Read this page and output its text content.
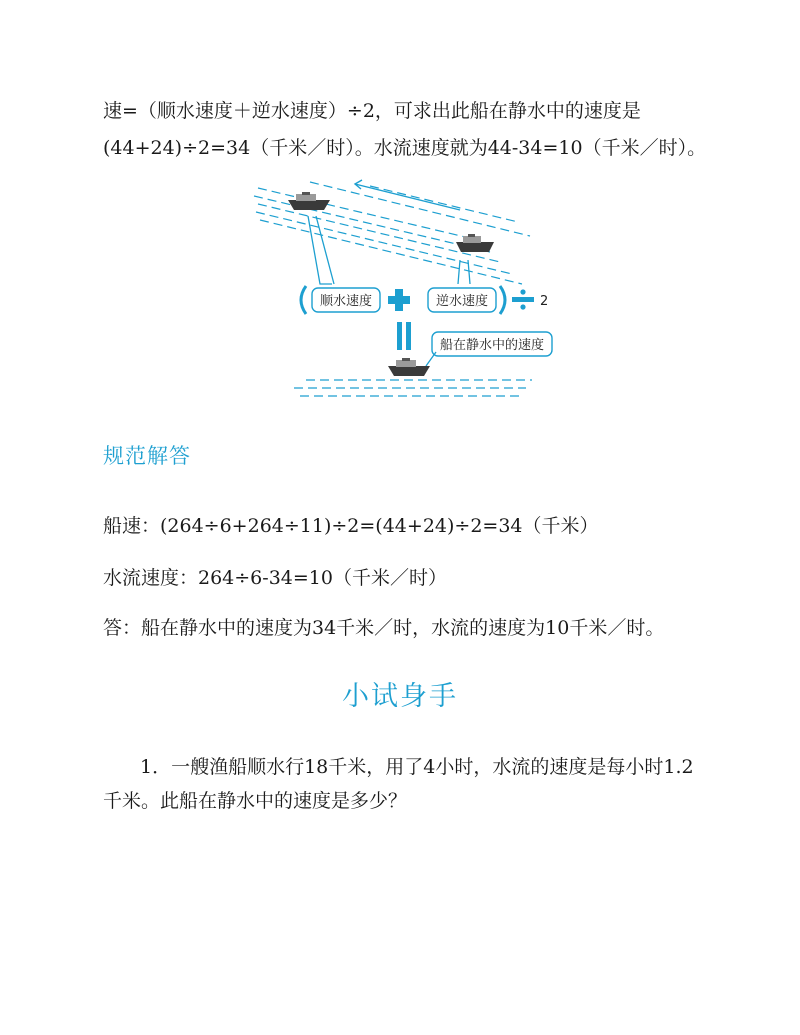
速=（顺水速度＋逆水速度）÷2，可求出此船在静水中的速度是
(44+24)÷2=34（千米／时）。水流速度就为44-34=10（千米／时）。
顺水速度	逆水速度	2
船在静水中的速度
规范解答
船速：(264÷6+264÷11)÷2=(44+24)÷2=34（千米）
水流速度：264÷6-34=10（千米／时）
答：船在静水中的速度为34千米／时，水流的速度为10千米／时。
小试身手
1．一艘渔船顺水行18千米，用了4小时，水流的速度是每小时1.2
千米。此船在静水中的速度是多少？
